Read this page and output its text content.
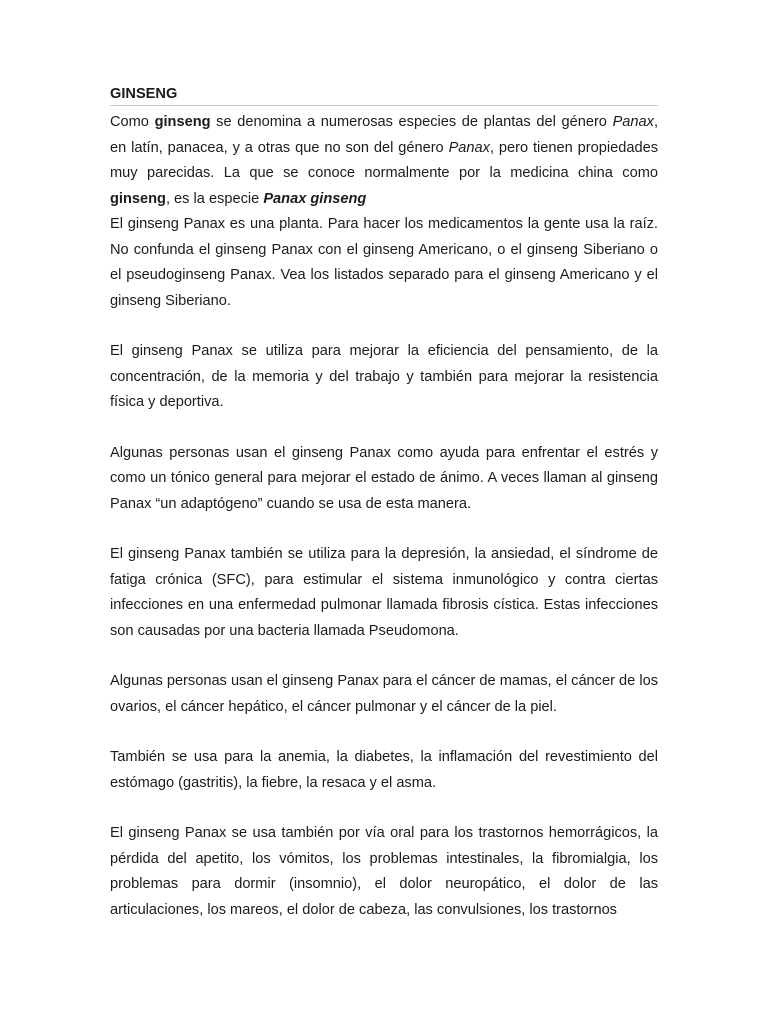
GINSENG

Como ginseng se denomina a numerosas especies de plantas del género Panax, en latín, panacea, y a otras que no son del género Panax, pero tienen propiedades muy parecidas. La que se conoce normalmente por la medicina china como ginseng, es la especie Panax ginseng

El ginseng Panax es una planta. Para hacer los medicamentos la gente usa la raíz. No confunda el ginseng Panax con el ginseng Americano, o el ginseng Siberiano o el pseudoginseng Panax. Vea los listados separado para el ginseng Americano y el ginseng Siberiano.

El ginseng Panax se utiliza para mejorar la eficiencia del pensamiento, de la concentración, de la memoria y del trabajo y también para mejorar la resistencia física y deportiva.

Algunas personas usan el ginseng Panax como ayuda para enfrentar el estrés y como un tónico general para mejorar el estado de ánimo. A veces llaman al ginseng Panax “un adaptógeno” cuando se usa de esta manera.

El ginseng Panax también se utiliza para la depresión, la ansiedad, el síndrome de fatiga crónica (SFC), para estimular el sistema inmunológico y contra ciertas infecciones en una enfermedad pulmonar llamada fibrosis cística. Estas infecciones son causadas por una bacteria llamada Pseudomona.

Algunas personas usan el ginseng Panax para el cáncer de mamas, el cáncer de los ovarios, el cáncer hepático, el cáncer pulmonar y el cáncer de la piel.

También se usa para la anemia, la diabetes, la inflamación del revestimiento del estómago (gastritis), la fiebre, la resaca y el asma.

El ginseng Panax se usa también por vía oral para los trastornos hemorrágicos, la pérdida del apetito, los vómitos, los problemas intestinales, la fibromialgia, los problemas para dormir (insomnio), el dolor neuropático, el dolor de las articulaciones, los mareos, el dolor de cabeza, las convulsiones, los trastornos
